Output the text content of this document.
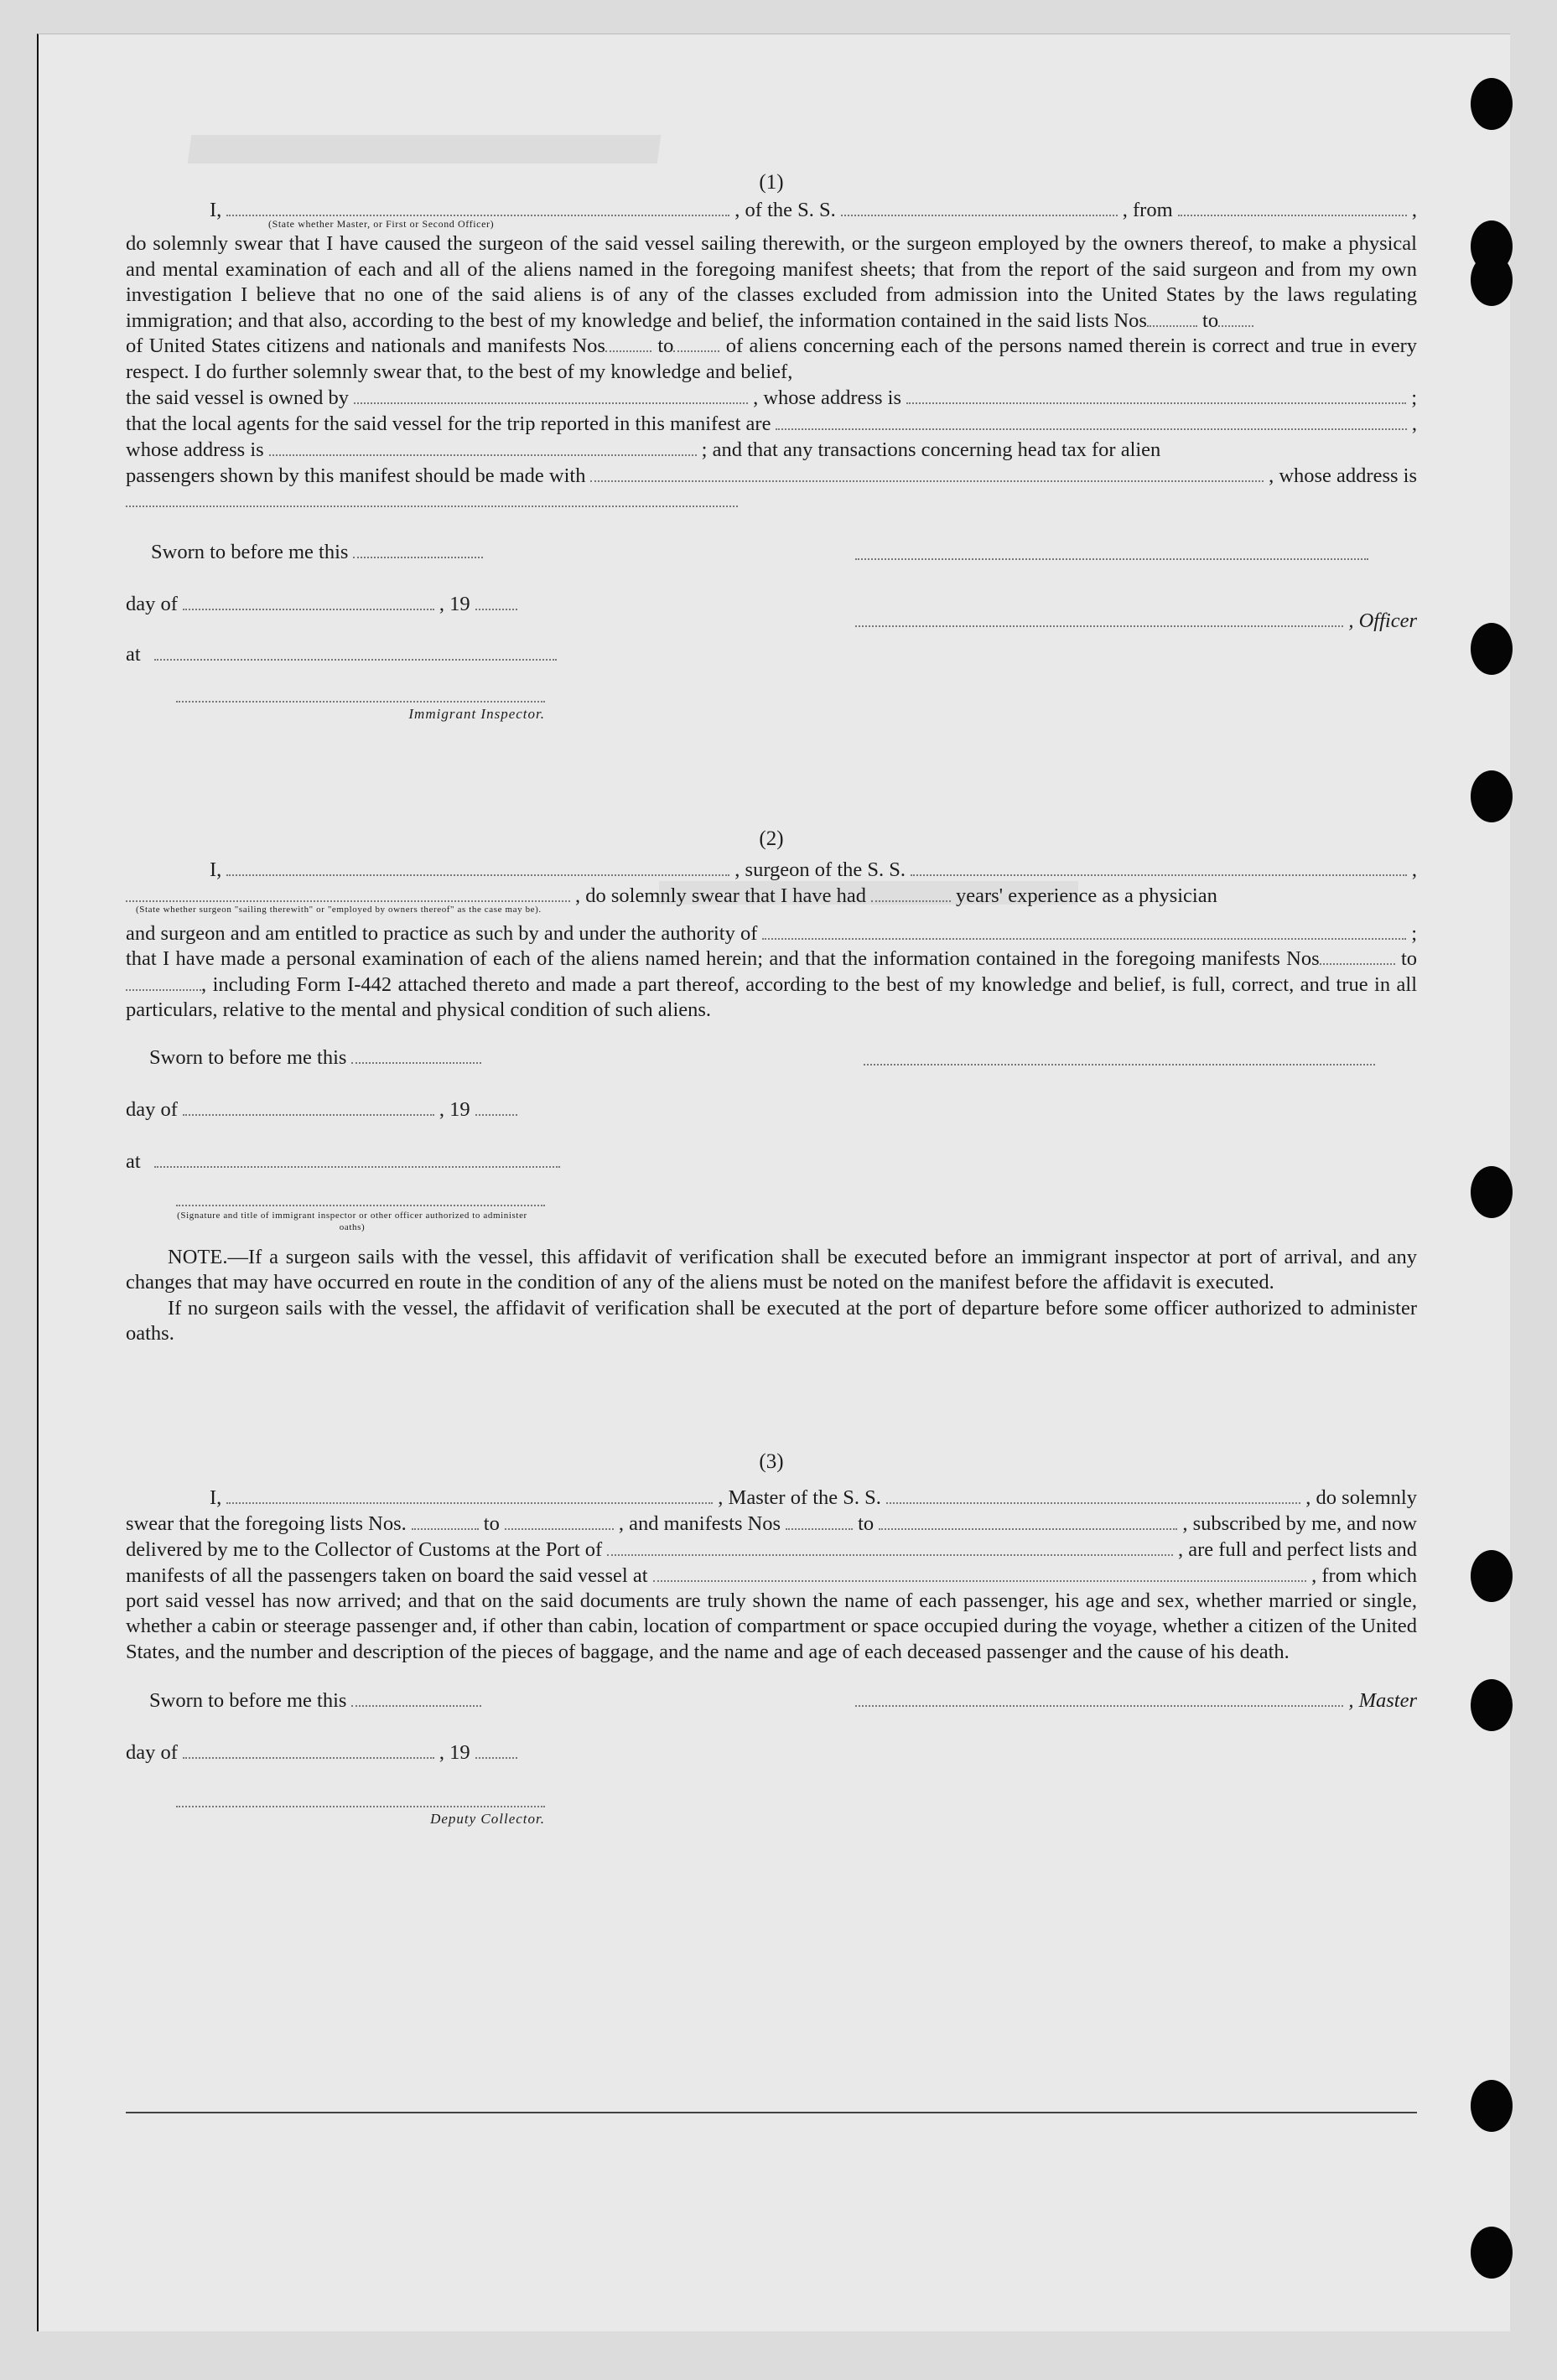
(1)
I,	, of the S. S.	, from	,
(State whether Master, or First or Second Officer)
do solemnly swear that I have caused the surgeon of the said vessel sailing therewith, or the surgeon employed by the owners thereof, to make a physical and mental examination of each and all of the aliens named in the foregoing manifest sheets; that from the report of the said surgeon and from my own investigation I believe that no one of the said aliens is of any of the classes excluded from admission into the United States by the laws regulating immigration; and that also, according to the best of my knowledge and belief, the information contained in the said lists Nos	to
of United States citizens and nationals and manifests Nos	to	of aliens concerning each of the persons named therein is correct and true in every respect. I do further solemnly swear that, to the best of my knowledge and belief,
the said vessel is owned by	, whose address is	;
that the local agents for the said vessel for the trip reported in this manifest are	,
whose address is	; and that any transactions concerning head tax for alien
passengers shown by this manifest should be made with	, whose address is
Sworn to before me this
day of	, 19
, Officer
at
Immigrant Inspector.
(2)
I,	, surgeon of the S. S.	,
, do solemnly swear that I have had	years' experience as a physician
(State whether surgeon "sailing therewith" or "employed by owners thereof" as the case may be).
and surgeon and am entitled to practice as such by and under the authority of	;
that I have made a personal examination of each of the aliens named herein; and that the information contained in the foregoing manifests Nos	to, including Form I-442 attached thereto and made a part thereof, according to the best of my knowledge and belief, is full, correct, and true in all particulars, relative to the mental and physical condition of such aliens.
Sworn to before me this
day of	, 19
at
(Signature and title of immigrant inspector or other officer authorized to administer oaths)
NOTE.—If a surgeon sails with the vessel, this affidavit of verification shall be executed before an immigrant inspector at port of arrival, and any changes that may have occurred en route in the condition of any of the aliens must be noted on the manifest before the affidavit is executed.
If no surgeon sails with the vessel, the affidavit of verification shall be executed at the port of departure before some officer authorized to administer oaths.
(3)
I,	, Master of the S. S.	, do solemnly
swear that the foregoing lists Nos.	to	, and manifests Nos	to	, subscribed by me, and now
delivered by me to the Collector of Customs at the Port of	, are full and perfect lists and
manifests of all the passengers taken on board the said vessel at	, from which
port said vessel has now arrived; and that on the said documents are truly shown the name of each passenger, his age and sex, whether married or single, whether a cabin or steerage passenger and, if other than cabin, location of compartment or space occupied during the voyage, whether a citizen of the United States, and the number and description of the pieces of baggage, and the name and age of each deceased passenger and the cause of his death.
Sworn to before me this	, Master
day of	, 19
Deputy Collector.
